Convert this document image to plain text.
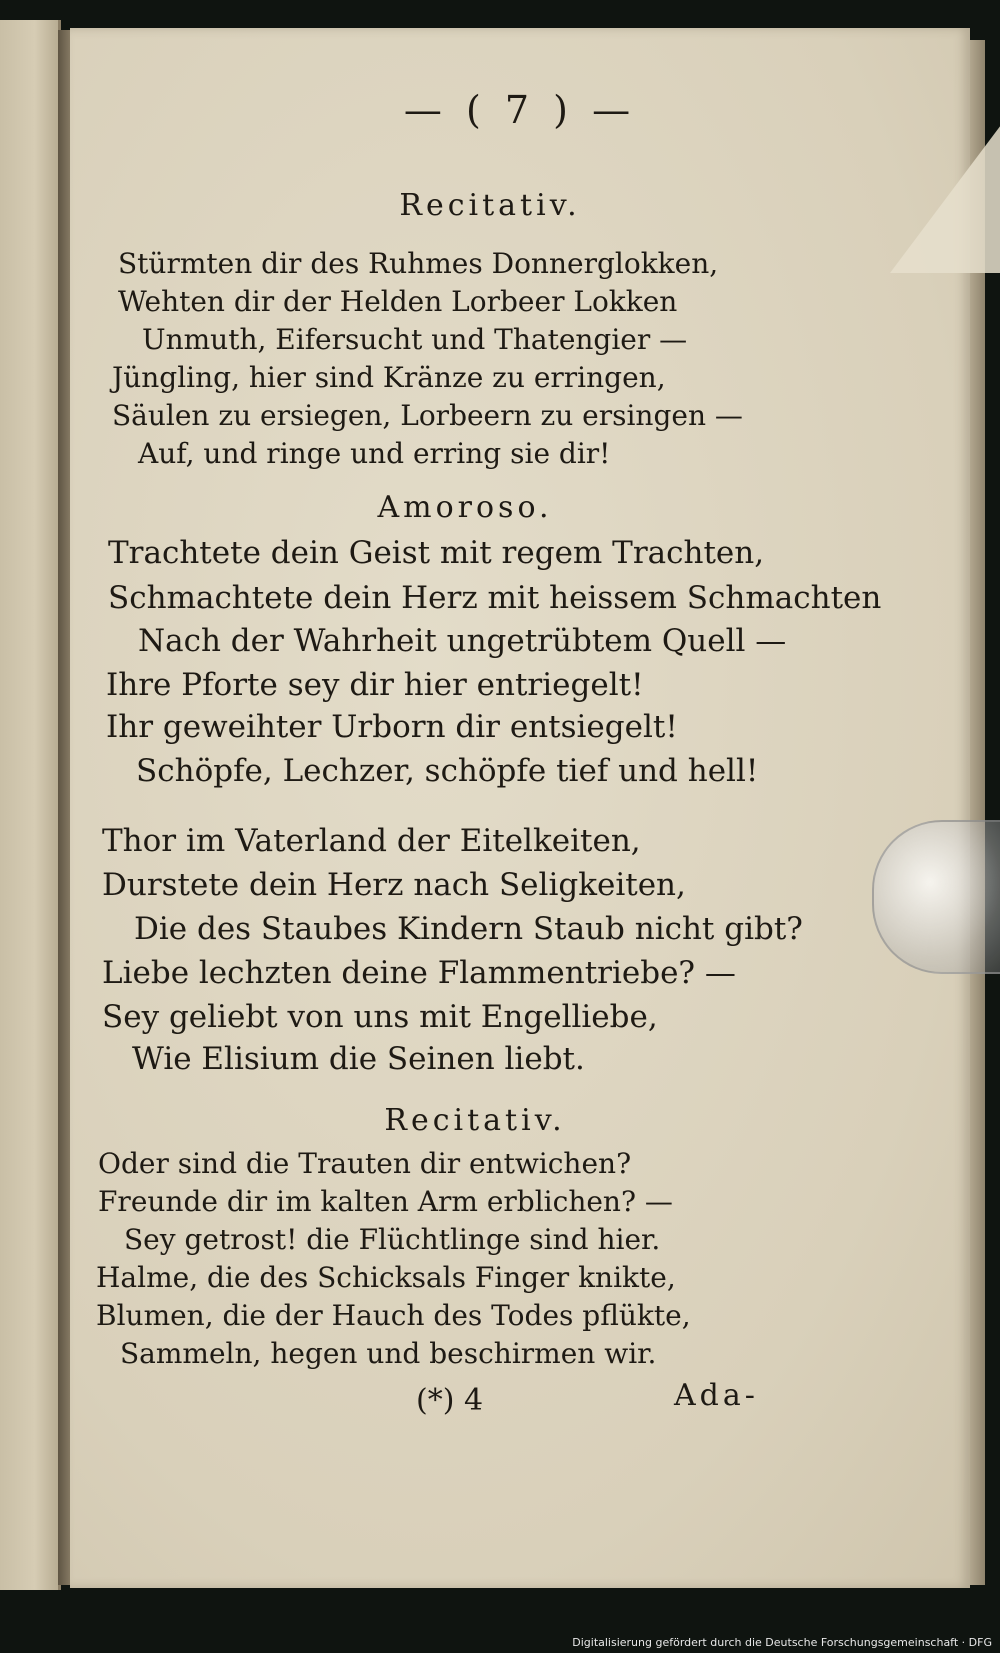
— ( 7 ) —
Recitativ.
Stürmten dir des Ruhmes Donnerglokken,
Wehten dir der Helden Lorbeer Lokken
Unmuth, Eifersucht und Thatengier —
Jüngling, hier sind Kränze zu erringen,
Säulen zu ersiegen, Lorbeern zu ersingen —
Auf, und ringe und erring sie dir!
Amoroso.
Trachtete dein Geist mit regem Trachten,
Schmachtete dein Herz mit heissem Schmachten
Nach der Wahrheit ungetrübtem Quell —
Ihre Pforte sey dir hier entriegelt!
Ihr geweihter Urborn dir entsiegelt!
Schöpfe, Lechzer, schöpfe tief und hell!
Thor im Vaterland der Eitelkeiten,
Durstete dein Herz nach Seligkeiten,
Die des Staubes Kindern Staub nicht gibt?
Liebe lechzten deine Flammentriebe? —
Sey geliebt von uns mit Engelliebe,
Wie Elisium die Seinen liebt.
Recitativ.
Oder sind die Trauten dir entwichen?
Freunde dir im kalten Arm erblichen? —
Sey getrost! die Flüchtlinge sind hier.
Halme, die des Schicksals Finger knikte,
Blumen, die der Hauch des Todes pflükte,
Sammeln, hegen und beschirmen wir.
(*) 4	Ada-
Digitalisierung gefördert durch die Deutsche Forschungsgemeinschaft · DFG
